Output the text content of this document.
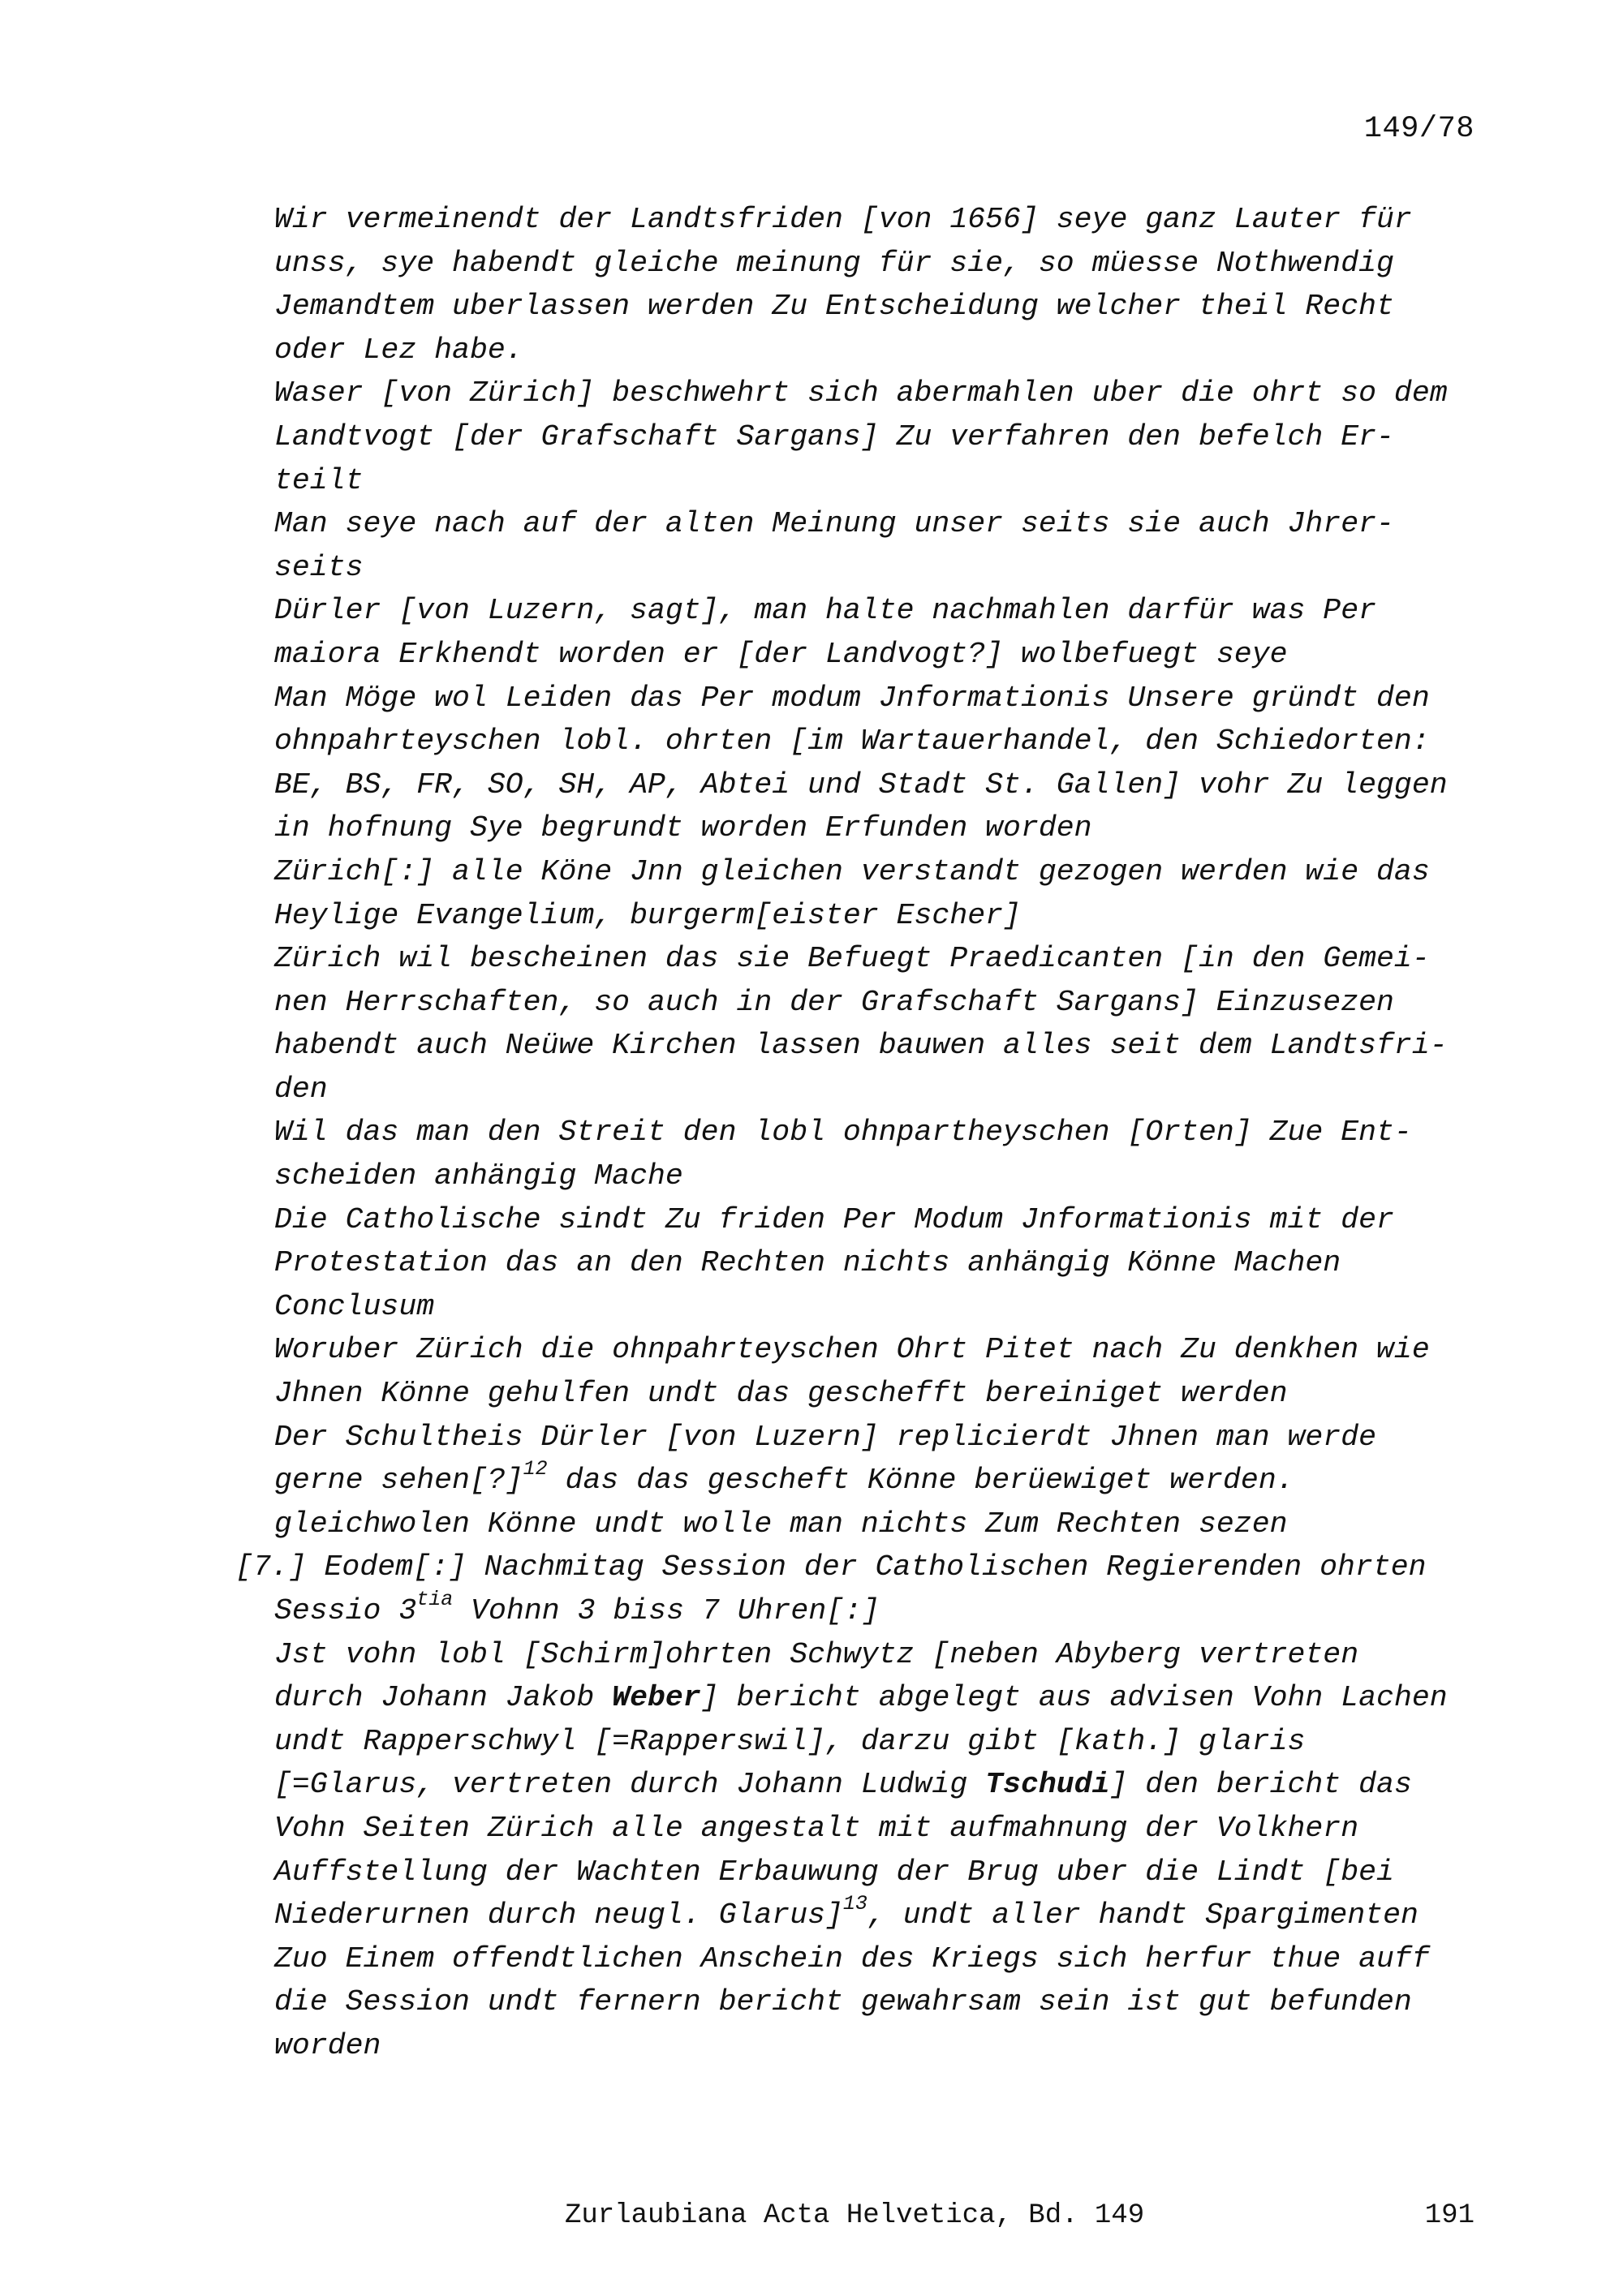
149/78
Wir vermeinendt der Landtsfriden [von 1656] seye ganz Lauter für
unss, sye habendt gleiche meinung für sie, so müesse Nothwendig
Jemandtem uberlassen werden Zu Entscheidung welcher theil Recht
oder Lez habe.
Waser [von Zürich] beschwehrt sich abermahlen uber die ohrt so dem
Landtvogt [der Grafschaft Sargans] Zu verfahren den befelch Er-
teilt
Man seye nach auf der alten Meinung unser seits sie auch Jhrer-
seits
Dürler [von Luzern, sagt], man halte nachmahlen darfür was Per
maiora Erkhendt worden er [der Landvogt?] wolbefuegt seye
Man Möge wol Leiden das Per modum Jnformationis Unsere gründt den
ohnpahrteyschen lobl. ohrten [im Wartauerhandel, den Schiedorten:
BE, BS, FR, SO, SH, AP, Abtei und Stadt St. Gallen] vohr Zu leggen
in hofnung Sye begrundt worden Erfunden worden
Zürich[:] alle Köne Jnn gleichen verstandt gezogen werden wie das
Heylige Evangelium, burgerm[eister Escher]
Zürich wil bescheinen das sie Befuegt Praedicanten [in den Gemei-
nen Herrschaften, so auch in der Grafschaft Sargans] Einzusezen
habendt auch Neüwe Kirchen lassen bauwen alles seit dem Landtsfri-
den
Wil das man den Streit den lobl ohnpartheyschen [Orten] Zue Ent-
scheiden anhängig Mache
Die Catholische sindt Zu friden Per Modum Jnformationis mit der
Protestation das an den Rechten nichts anhängig Könne Machen
Conclusum
Woruber Zürich die ohnpahrteyschen Ohrt Pitet nach Zu denkhen wie
Jhnen Könne gehulfen undt das geschefft bereiniget werden
Der Schultheis Dürler [von Luzern] replicierdt Jhnen man werde
gerne sehen[?]$^{12}$ das das gescheft Könne berüewiget werden.
gleichwolen Könne undt wolle man nichts Zum Rechten sezen
[7.] Eodem[:] Nachmitag Session der Catholischen Regierenden ohrten
Sessio $3^{tia}$ Vohnn 3 biss 7 Uhren[:]
Jst vohn lobl [Schirm]ohrten Schwytz [neben Abyberg vertreten
durch Johann Jakob Weber] bericht abgelegt aus advisen Vohn Lachen
undt Rapperschwyl [=Rapperswil], darzu gibt [kath.] glaris
[=Glarus, vertreten durch Johann Ludwig Tschudi] den bericht das
Vohn Seiten Zürich alle angestalt mit aufmahnung der Volkhern
Auffstellung der Wachten Erbauwung der Brug uber die Lindt [bei
Niederurnen durch neugl. Glarus]$^{13}$, undt aller handt Spargimenten
Zuo Einem offendtlichen Anschein des Kriegs sich herfur thue auff
die Session undt fernern bericht gewahrsam sein ist gut befunden
worden
Zurlaubiana Acta Helvetica, Bd. 149	191
